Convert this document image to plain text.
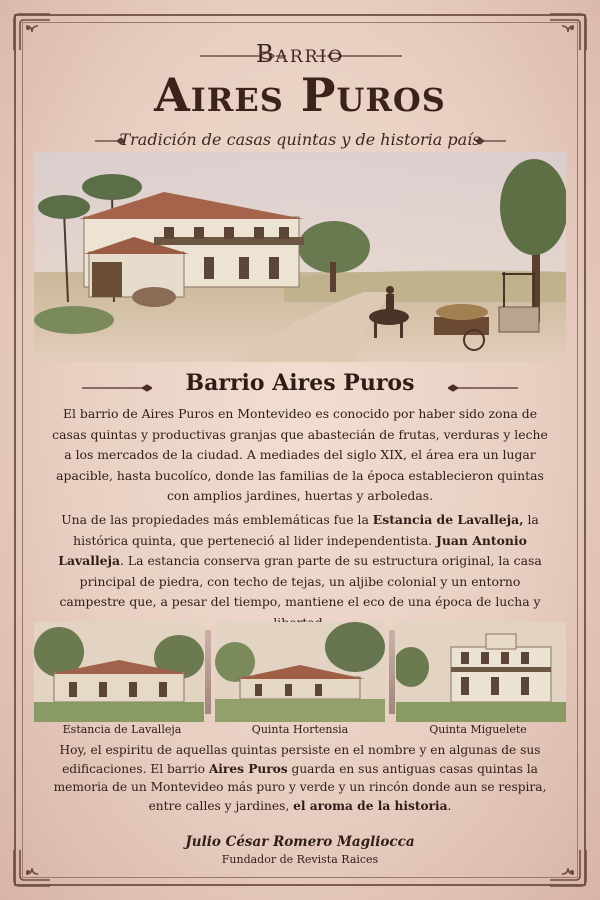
Barrio
Aires Puros
Tradición de casas quintas y de historia país
Barrio Aires Puros
El barrio de Aires Puros en Montevideo es conocido por haber sido zona de casas quintas y productivas granjas que abastecián de frutas, verduras y leche a los mercados de la ciudad. A mediades del siglo XIX, el área era un lugar apacible, hasta bucolíco, donde las familias de la época establecieron quintas con amplios jardines, huertas y arboledas.
Una de las propiedades más emblemáticas fue la Estancia de Lavalleja, la histórica quinta, que perteneció al lider independentista. Juan Antonio Lavalleja. La estancia conserva gran parte de su estructura original, la casa principal de piedra, con techo de tejas, un aljibe colonial y un entorno campestre que, a pesar del tiempo, mantiene el eco de una época de lucha y
Estancia de Lavalleja	Quinta Hortensia	Quinta Miguelete
Hoy, el espiritu de aquellas quintas persiste en el nombre y en algunas de sus edificaciones. El barrio Aires Puros guarda en sus antiguas casas quintas la memoria de un Montevideo más puro y verde y un rincón donde aun se respira, entre calles y jardines, el aroma de la historia.
Julio César Romero Magliocca
Fundador de Revista Raices
